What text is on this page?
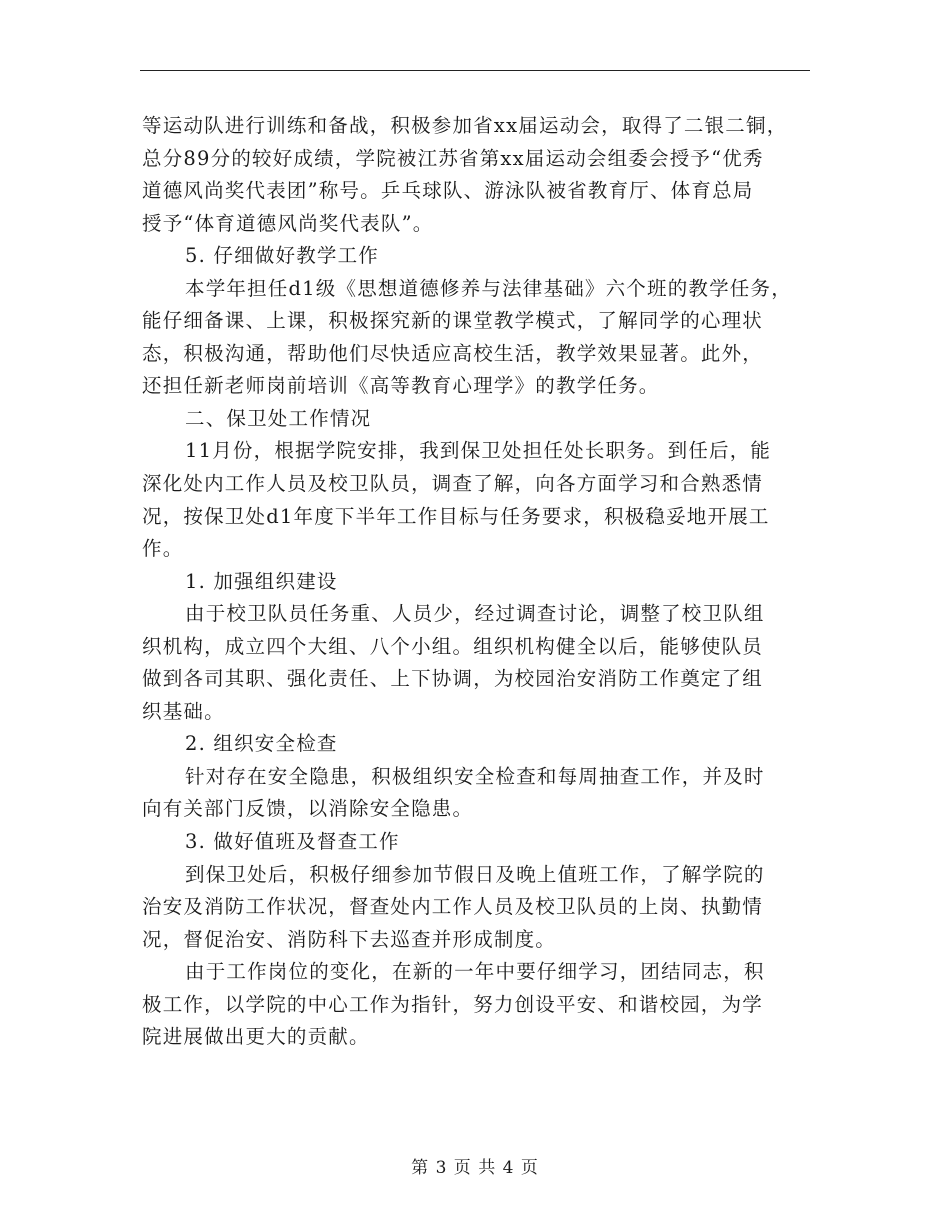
等运动队进行训练和备战，积极参加省xx届运动会，取得了二银二铜，
总分89分的较好成绩，学院被江苏省第xx届运动会组委会授予“优秀
道德风尚奖代表团”称号。乒乓球队、游泳队被省教育厅、体育总局
授予“体育道德风尚奖代表队”。
5. 仔细做好教学工作
本学年担任d1级《思想道德修养与法律基础》六个班的教学任务，
能仔细备课、上课，积极探究新的课堂教学模式，了解同学的心理状
态，积极沟通，帮助他们尽快适应高校生活，教学效果显著。此外，
还担任新老师岗前培训《高等教育心理学》的教学任务。
二、保卫处工作情况
11月份，根据学院安排，我到保卫处担任处长职务。到任后，能
深化处内工作人员及校卫队员，调查了解，向各方面学习和合熟悉情
况，按保卫处d1年度下半年工作目标与任务要求，积极稳妥地开展工
作。
1. 加强组织建设
由于校卫队员任务重、人员少，经过调查讨论，调整了校卫队组
织机构，成立四个大组、八个小组。组织机构健全以后，能够使队员
做到各司其职、强化责任、上下协调，为校园治安消防工作奠定了组
织基础。
2. 组织安全检查
针对存在安全隐患，积极组织安全检查和每周抽查工作，并及时
向有关部门反馈，以消除安全隐患。
3. 做好值班及督查工作
到保卫处后，积极仔细参加节假日及晚上值班工作，了解学院的
治安及消防工作状况，督查处内工作人员及校卫队员的上岗、执勤情
况，督促治安、消防科下去巡查并形成制度。
由于工作岗位的变化，在新的一年中要仔细学习，团结同志，积
极工作，以学院的中心工作为指针，努力创设平安、和谐校园，为学
院进展做出更大的贡献。
第 3 页 共 4 页
